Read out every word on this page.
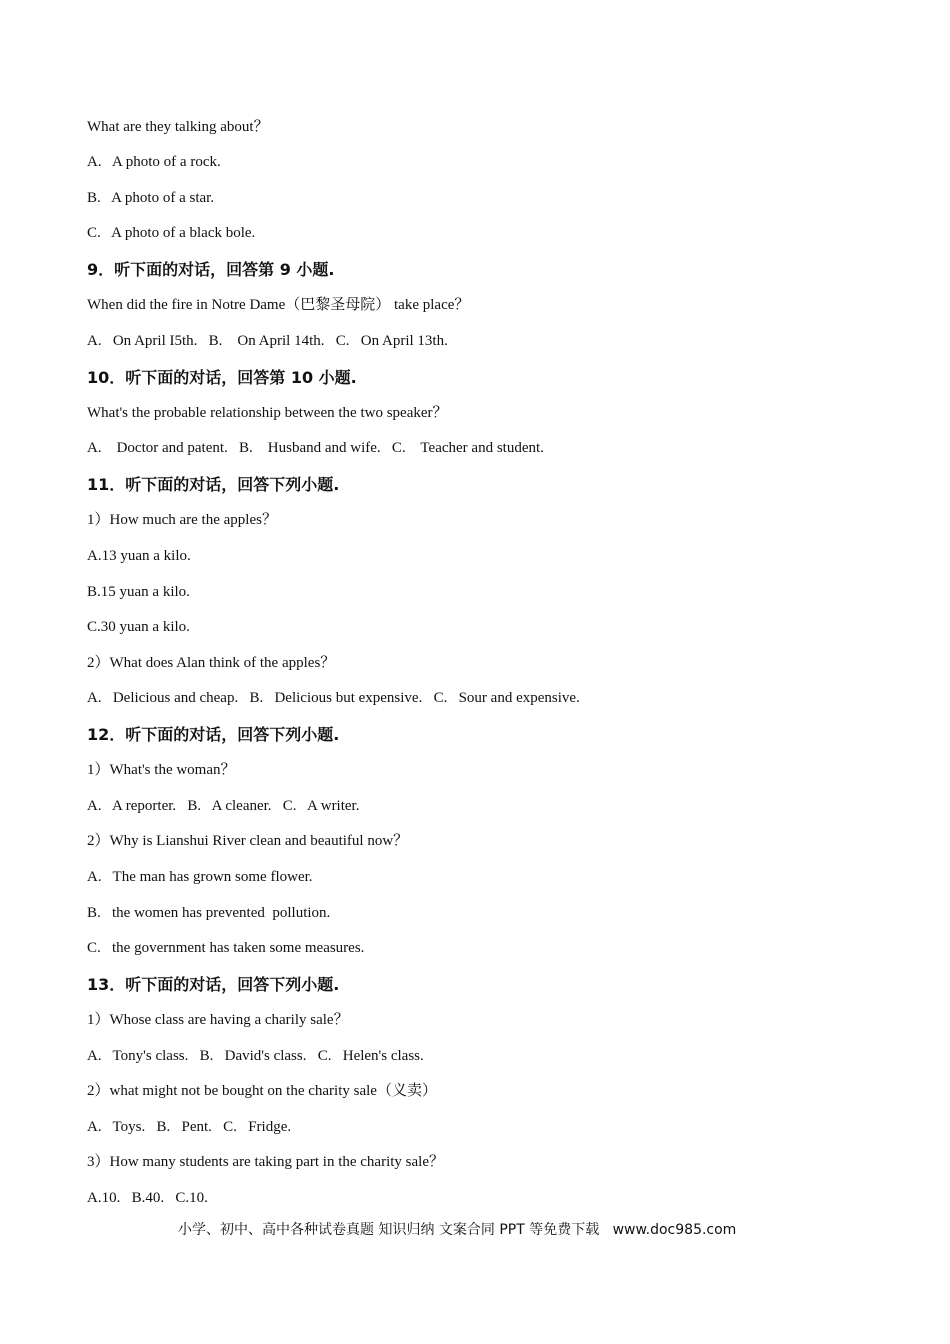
What are they talking about？
A.   A photo of a rock.
B.   A photo of a star.
C.   A photo of a black bole.
9．听下面的对话，回答第 9 小题.
When did the fire in Notre Dame（巴黎圣母院） take place？
A.   On April I5th.   B.    On April 14th.   C.   On April 13th.
10．听下面的对话，回答第 10 小题.
What's the probable relationship between the two speaker？
A.    Doctor and patent.   B.    Husband and wife.   C.    Teacher and student.
11．听下面的对话，回答下列小题.
1）How much are the apples？
A.13 yuan a kilo.
B.15 yuan a kilo.
C.30 yuan a kilo.
2）What does Alan think of the apples？
A.   Delicious and cheap.   B.   Delicious but expensive.   C.   Sour and expensive.
12．听下面的对话，回答下列小题.
1）What's the woman？
A.   A reporter.   B.   A cleaner.   C.   A writer.
2）Why is Lianshui River clean and beautiful now？
A.   The man has grown some flower.
B.   the women has prevented  pollution.
C.   the government has taken some measures.
13．听下面的对话，回答下列小题.
1）Whose class are having a charily sale？
A.   Tony's class.   B.   David's class.   C.   Helen's class.
2）what might not be bought on the charity sale（义卖）
A.   Toys.   B.   Pent.   C.   Fridge.
3）How many students are taking part in the charity sale？
A.10.   B.40.   C.10.
小学、初中、高中各种试卷真题 知识归纳 文案合同 PPT 等免费下载   www.doc985.com
